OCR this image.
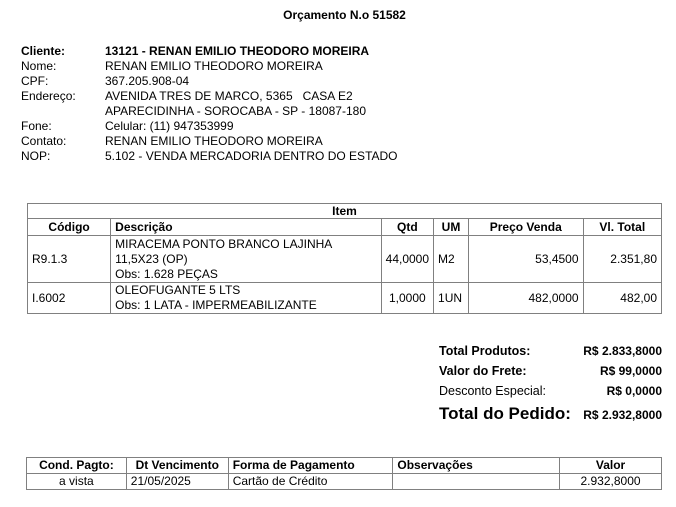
Orçamento N.o 51582
Cliente:	13121 - RENAN EMILIO THEODORO MOREIRA
Nome:	RENAN EMILIO THEODORO MOREIRA
CPF:	367.205.908-04
Endereço:	AVENIDA TRES DE MARCO, 5365   CASA E2
	APARECIDINHA - SOROCABA - SP - 18087-180
Fone:	Celular: (11) 947353999
Contato:	RENAN EMILIO THEODORO MOREIRA
NOP:	5.102 - VENDA MERCADORIA DENTRO DO ESTADO
Item					
Código	Descrição	Qtd	UM	Preço Venda	Vl. Total
R9.1.3	MIRACEMA PONTO BRANCO LAJINHA
11,5X23 (OP)
Obs: 1.628 PEÇAS	44,0000	M2	53,4500	2.351,80
I.6002	OLEOFUGANTE 5 LTS
Obs: 1 LATA - IMPERMEABILIZANTE	1,0000	1UN	482,0000	482,00
Total Produtos:	R$ 2.833,8000
Valor do Frete:	R$ 99,0000
Desconto Especial:	R$ 0,0000
Total do Pedido: R$ 2.932,8000
Cond. Pagto:	Dt Vencimento	Forma de Pagamento	Observações	Valor
a vista	21/05/2025	Cartão de Crédito		2.932,8000
